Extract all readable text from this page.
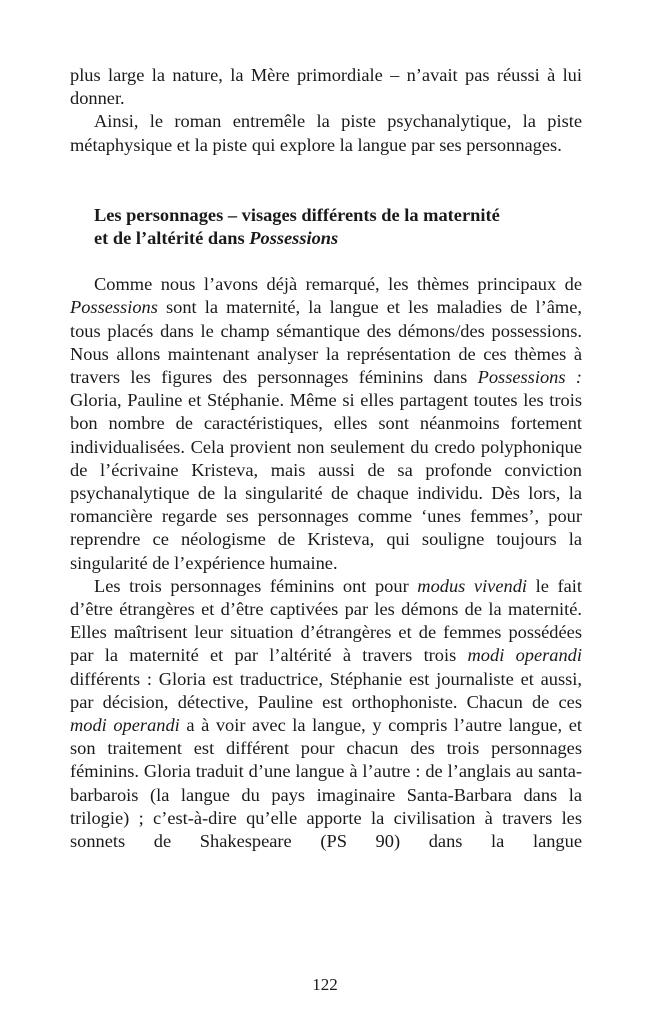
plus large la nature, la Mère primordiale – n’avait pas réussi à lui donner.

Ainsi, le roman entremêle la piste psychanalytique, la piste métaphysique et la piste qui explore la langue par ses personnages.

Les personnages – visages différents de la maternité
et de l’altérité dans Possessions

Comme nous l’avons déjà remarqué, les thèmes principaux de Possessions sont la maternité, la langue et les maladies de l’âme, tous placés dans le champ sémantique des démons/des possessions. Nous allons maintenant analyser la représentation de ces thèmes à travers les figures des personnages féminins dans Possessions : Gloria, Pauline et Stéphanie. Même si elles partagent toutes les trois bon nombre de caractéristiques, elles sont néanmoins fortement individualisées. Cela provient non seulement du credo polyphonique de l’écrivaine Kristeva, mais aussi de sa profonde conviction psychanalytique de la singularité de chaque individu. Dès lors, la romancière regarde ses personnages comme ‘unes femmes’, pour reprendre ce néologisme de Kristeva, qui souligne toujours la singularité de l’expérience humaine.

Les trois personnages féminins ont pour modus vivendi le fait d’être étrangères et d’être captivées par les démons de la maternité. Elles maîtrisent leur situation d’étrangères et de femmes possédées par la maternité et par l’altérité à travers trois modi operandi différents : Gloria est traductrice, Stéphanie est journaliste et aussi, par décision, détective, Pauline est orthophoniste. Chacun de ces modi operandi a à voir avec la langue, y compris l’autre langue, et son traitement est différent pour chacun des trois personnages féminins. Gloria traduit d’une langue à l’autre : de l’anglais au santa-barbarois (la langue du pays imaginaire Santa-Barbara dans la trilogie) ; c’est-à-dire qu’elle apporte la civilisation à travers les sonnets de Shakespeare (PS 90) dans la langue

122
